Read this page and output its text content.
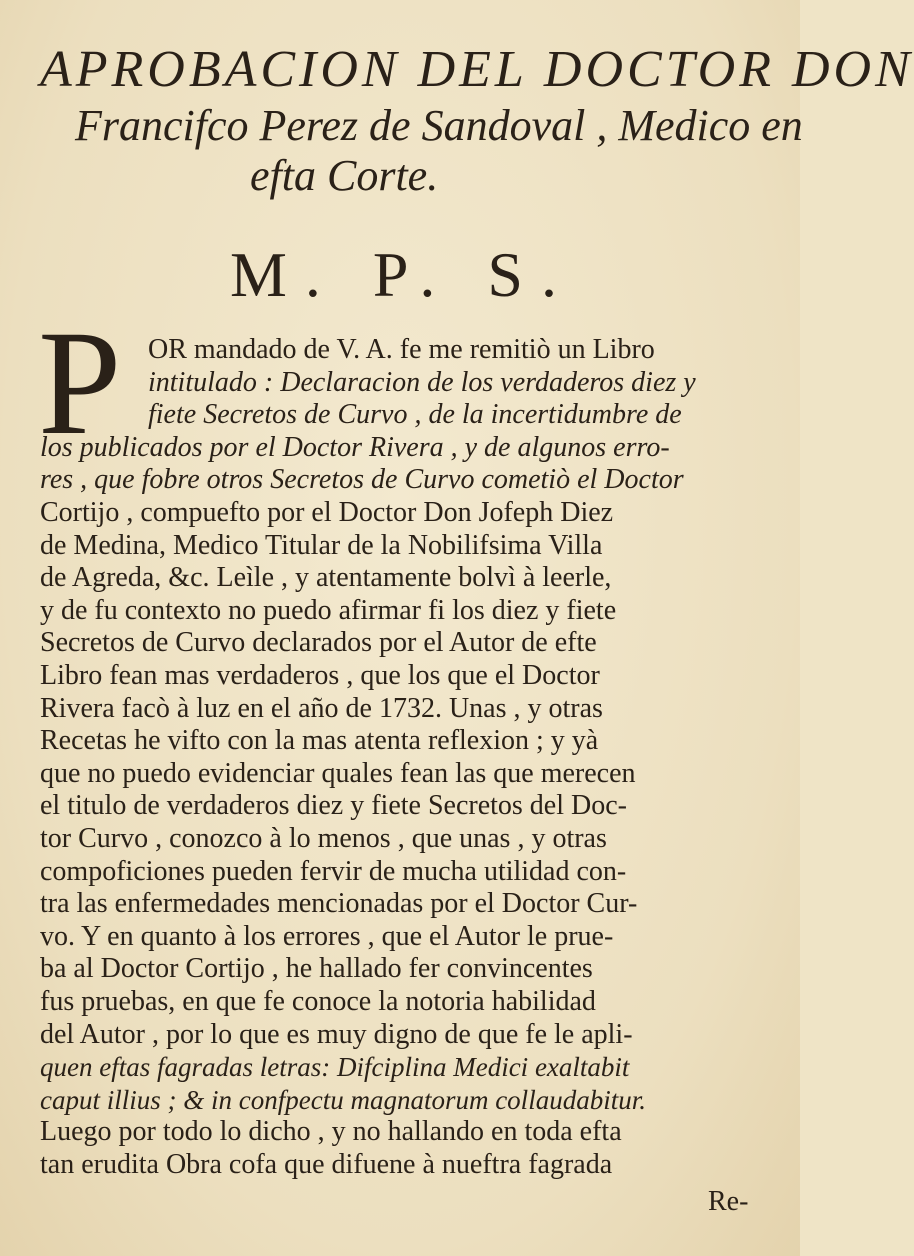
APROBACION DEL DOCTOR DON
Francifco Perez de Sandoval , Medico en
efta Corte.
M. P. S.
P OR mandado de V. A. fe me remitiò un Libro
intitulado : Declaracion de los verdaderos diez y
fiete Secretos de Curvo , de la incertidumbre de
los publicados por el Doctor Rivera , y de algunos erro-
res , que fobre otros Secretos de Curvo cometiò el Doctor
Cortijo , compuefto por el Doctor Don Jofeph Diez
de Medina, Medico Titular de la Nobilifsima Villa
de Agreda, &c. Leìle , y atentamente bolvì à leerle,
y de fu contexto no puedo afirmar fi los diez y fiete
Secretos de Curvo declarados por el Autor de efte
Libro fean mas verdaderos , que los que el Doctor
Rivera facò à luz en el año de 1732. Unas , y otras
Recetas he vifto con la mas atenta reflexion ; y yà
que no puedo evidenciar quales fean las que merecen
el titulo de verdaderos diez y fiete Secretos del Doc-
tor Curvo , conozco à lo menos , que unas , y otras
compoficiones pueden fervir de mucha utilidad con-
tra las enfermedades mencionadas por el Doctor Cur-
vo. Y en quanto à los errores , que el Autor le prue-
ba al Doctor Cortijo , he hallado fer convincentes
fus pruebas, en que fe conoce la notoria habilidad
del Autor , por lo que es muy digno de que fe le apli-
quen eftas fagradas letras: Difciplina Medici exaltabit
caput illius ; & in confpectu magnatorum collaudabitur.
Luego por todo lo dicho , y no hallando en toda efta
tan erudita Obra cofa que difuene à nueftra fagrada
Re-
